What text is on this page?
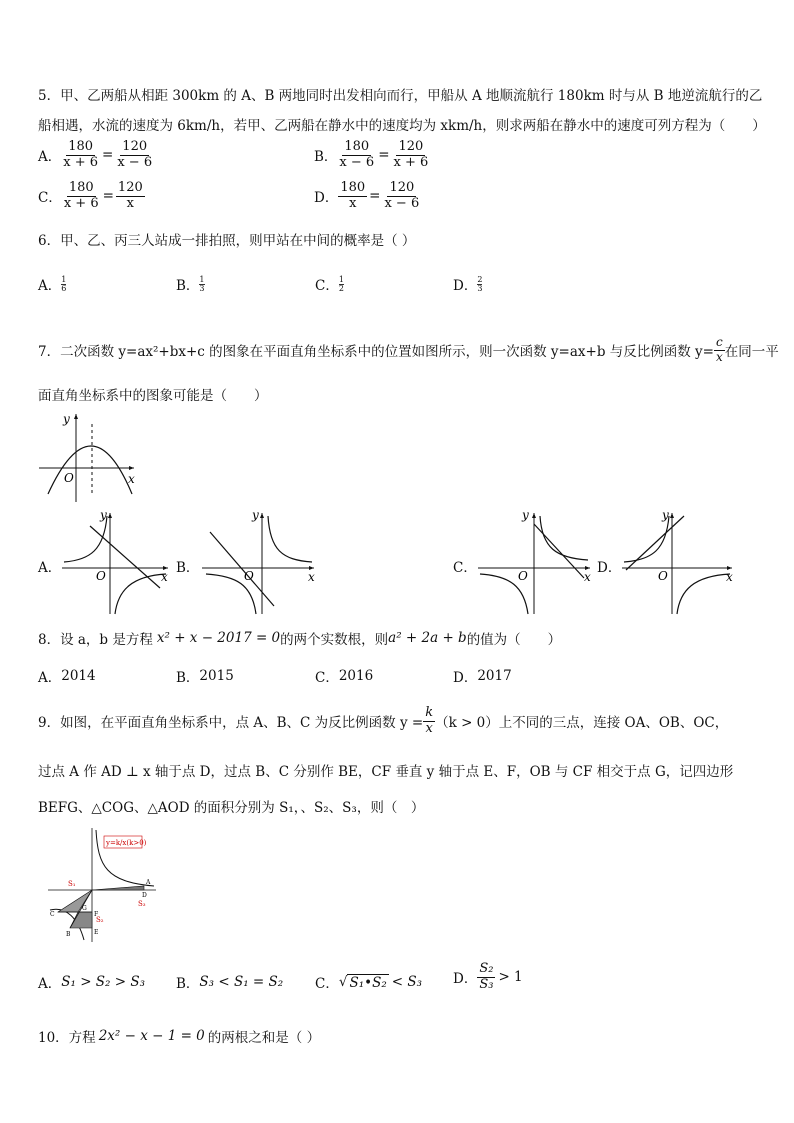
5．甲、乙两船从相距 300km 的 A、B 两地同时出发相向而行，甲船从 A 地顺流航行 180km 时与从 B 地逆流航行的乙
船相遇，水流的速度为 6km/h，若甲、乙两船在静水中的速度均为 xkm/h，则求两船在静水中的速度可列方程为（　　）
A． $\frac{180}{x + 6} = \frac{120}{x - 6}$	B． $\frac{180}{x - 6} = \frac{120}{x + 6}$
C． $\frac{180}{x + 6} = \frac{120}{x}$	D． $\frac{180}{x} = \frac{120}{x - 6}$
6．甲、乙、丙三人站成一排拍照，则甲站在中间的概率是（ ）
A． $\frac{1}{6}$	B． $\frac{1}{3}$	C． $\frac{1}{2}$	D． $\frac{2}{3}$
7．二次函数 y=ax²+bx+c 的图象在平面直角坐标系中的位置如图所示，则一次函数 y=ax+b 与反比例函数 $y= \frac{c}{x}$ 在同一平
面直角坐标系中的图象可能是（　　）
y
O	x
A．	B．	C．	D．
y
O	x
y
O	x
y
O	x
y
O	x
8．设 a，b 是方程 x² + x − 2017 = 0 的两个实数根，则 a² + 2a + b 的值为（　　）
A． 2014	B． 2015	C． 2016	D． 2017
9．如图，在平面直角坐标系中，点 A、B、C 为反比例函数 $y = \frac{k}{x} (k > 0)$上不同的三点，连接 OA、OB、OC，
过点 A 作 AD ⊥ x 轴于点 D，过点 B、C 分别作 BE，CF 垂直 y 轴于点 E、F，OB 与 CF 相交于点 G，记四边形
BEFG、△COG、△AOD 的面积分别为 S₁，、S₂、S₃，则（　）
y=k/x(k>0)
A
B
C
D
E
F
G
S₁
S₂
S₃
A． S₁ > S₂ > S₃ B． S₃ < S₁ = S₂ C． √ S₁•S₂ < S₃ D． $\frac{\text{S₂}}{\text{S₃}} > 1$
10．方程 2x² − x − 1 = 0 的两根之和是（ ）
